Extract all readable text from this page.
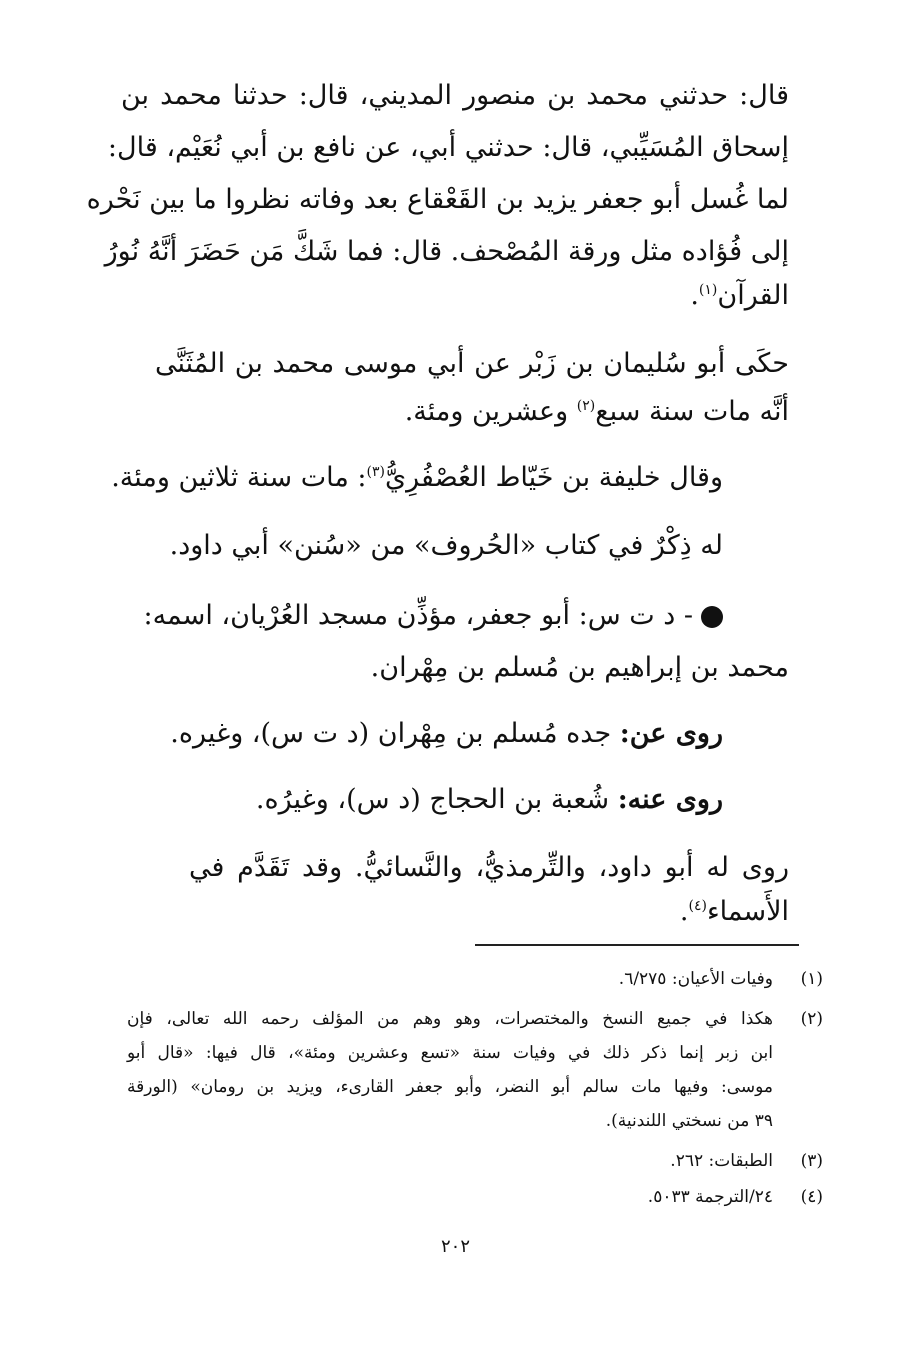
قال: حدثني محمد بن منصور المديني، قال: حدثنا محمد بن
إسحاق المُسَيِّبي، قال: حدثني أبي، عن نافع بن أبي نُعَيْم، قال:
لما غُسل أبو جعفر يزيد بن القَعْقاع بعد وفاته نظروا ما بين نَحْره
إلى فُؤاده مثل ورقة المُصْحف. قال: فما شَكَّ مَن حَضَرَ أنَّهُ نُورُ
القرآن$^{(١)}$.
حكَى أبو سُليمان بن زَبْر عن أبي موسى محمد بن المُثَنَّى
أنَّه مات سنة سبع$^{(٢)}$ وعشرين ومئة.
وقال خليفة بن خَيّاط العُصْفُرِيُّ$^{(٣)}$: مات سنة ثلاثين ومئة.
له ذِكْرٌ في كتاب «الحُروف» من «سُنن» أبي داود.
- د ت س: أبو جعفر، مؤذِّن مسجد العُرْيان، اسمه:
محمد بن إبراهيم بن مُسلم بن مِهْران.
روى عن: جده مُسلم بن مِهْران (د ت س)، وغيره.
روى عنه: شُعبة بن الحجاج (د س)، وغيرُه.
روى له أبو داود، والتِّرمذيُّ، والنَّسائيُّ. وقد تَقَدَّم في
الأَسماء$^{(٤)}$.
(١)
وفيات الأعيان: ٦/٢٧٥.
(٢)
هكذا في جميع النسخ والمختصرات، وهو وهم من المؤلف رحمه الله تعالى، فإن
ابن زبر إنما ذكر ذلك في وفيات سنة «تسع وعشرين ومئة»، قال فيها: «قال أبو
موسى: وفيها مات سالم أبو النضر، وأبو جعفر القارىء، ويزيد بن رومان» (الورقة
٣٩ من نسختي اللندنية).
(٣)
الطبقات: ٢٦٢.
(٤)
٢٤/الترجمة ٥٠٣٣.
٢٠٢
